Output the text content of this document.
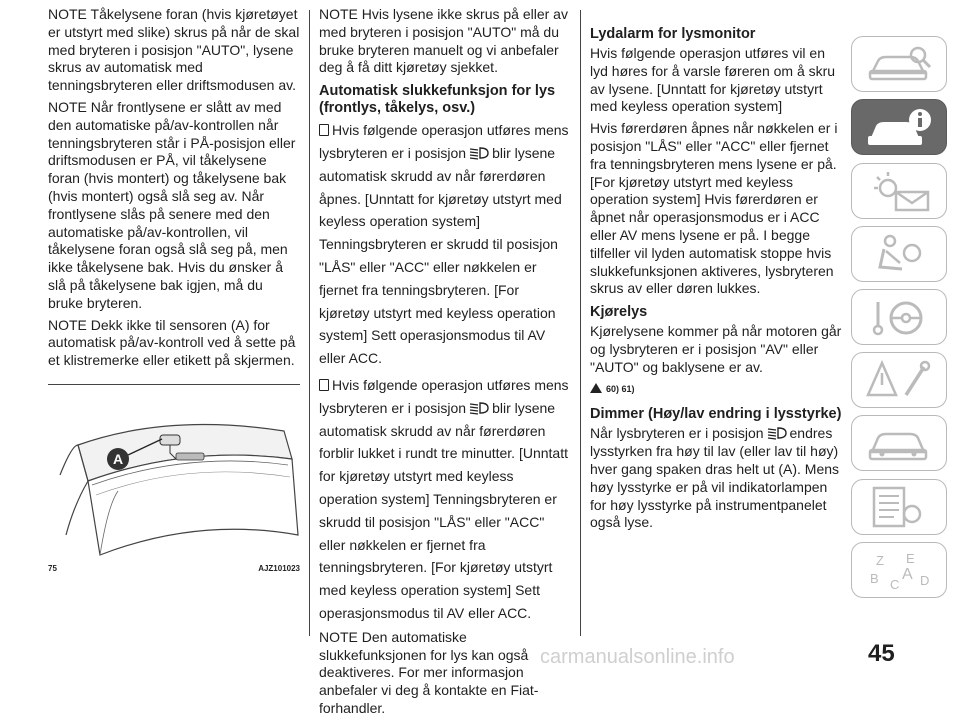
NOTE Tåkelysene foran (hvis kjøretøyet er utstyrt med slike) skrus på når de skal med bryteren i posisjon "AUTO", lysene skrus av automatisk med tenningsbryteren eller driftsmodusen av.

NOTE Når frontlysene er slått av med den automatiske på/av-kontrollen når tenningsbryteren står i PÅ-posisjon eller driftsmodusen er PÅ, vil tåkelysene foran (hvis montert) og tåkelysene bak (hvis montert) også slå seg av. Når frontlysene slås på senere med den automatiske på/av-kontrollen, vil tåkelysene foran også slå seg på, men ikke tåkelysene bak. Hvis du ønsker å slå på tåkelysene bak igjen, må du bruke bryteren.

NOTE Dekk ikke til sensoren (A) for automatisk på/av-kontroll ved å sette på et klistremerke eller etikett på skjermen.

A
75	AJZ101023

NOTE Hvis lysene ikke skrus på eller av med bryteren i posisjon "AUTO" må du bruke bryteren manuelt og vi anbefaler deg å få ditt kjøretøy sjekket.

Automatisk slukkefunksjon for lys (frontlys, tåkelys, osv.)

Hvis følgende operasjon utføres mens lysbryteren er i posisjon blir lysene automatisk skrudd av når førerdøren åpnes. [Unntatt for kjøretøy utstyrt med keyless operation system] Tenningsbryteren er skrudd til posisjon "LÅS" eller "ACC" eller nøkkelen er fjernet fra tenningsbryteren. [For kjøretøy utstyrt med keyless operation system] Sett operasjonsmodus til AV eller ACC.

Hvis følgende operasjon utføres mens lysbryteren er i posisjon blir lysene automatisk skrudd av når førerdøren forblir lukket i rundt tre minutter. [Unntatt for kjøretøy utstyrt med keyless operation system] Tenningsbryteren er skrudd til posisjon "LÅS" eller "ACC" eller nøkkelen er fjernet fra tenningsbryteren. [For kjøretøy utstyrt med keyless operation system] Sett operasjonsmodus til AV eller ACC.

NOTE Den automatiske slukkefunksjonen for lys kan også deaktiveres. For mer informasjon anbefaler vi deg å kontakte en Fiat-forhandler.

Lydalarm for lysmonitor

Hvis følgende operasjon utføres vil en lyd høres for å varsle føreren om å skru av lysene. [Unntatt for kjøretøy utstyrt med keyless operation system]

Hvis førerdøren åpnes når nøkkelen er i posisjon "LÅS" eller "ACC" eller fjernet fra tenningsbryteren mens lysene er på. [For kjøretøy utstyrt med keyless operation system] Hvis førerdøren er åpnet når operasjonsmodus er i ACC eller AV mens lysene er på. I begge tilfeller vil lyden automatisk stoppe hvis slukkefunksjonen aktiveres, lysbryteren skrus av eller døren lukkes.

Kjørelys

Kjørelysene kommer på når motoren går og lysbryteren er i posisjon "AV" eller "AUTO" og baklysene er av.

60) 61)
Dimmer (Høy/lav endring i lysstyrke)

Når lysbryteren er i posisjon endres lysstyrken fra høy til lav (eller lav til høy) hver gang spaken dras helt ut (A). Mens høy lysstyrke er på vil indikatorlampen for høy lysstyrke på instrumentpanelet også lyse.

Z E
B C
A D
carmanualsonline.info	45
